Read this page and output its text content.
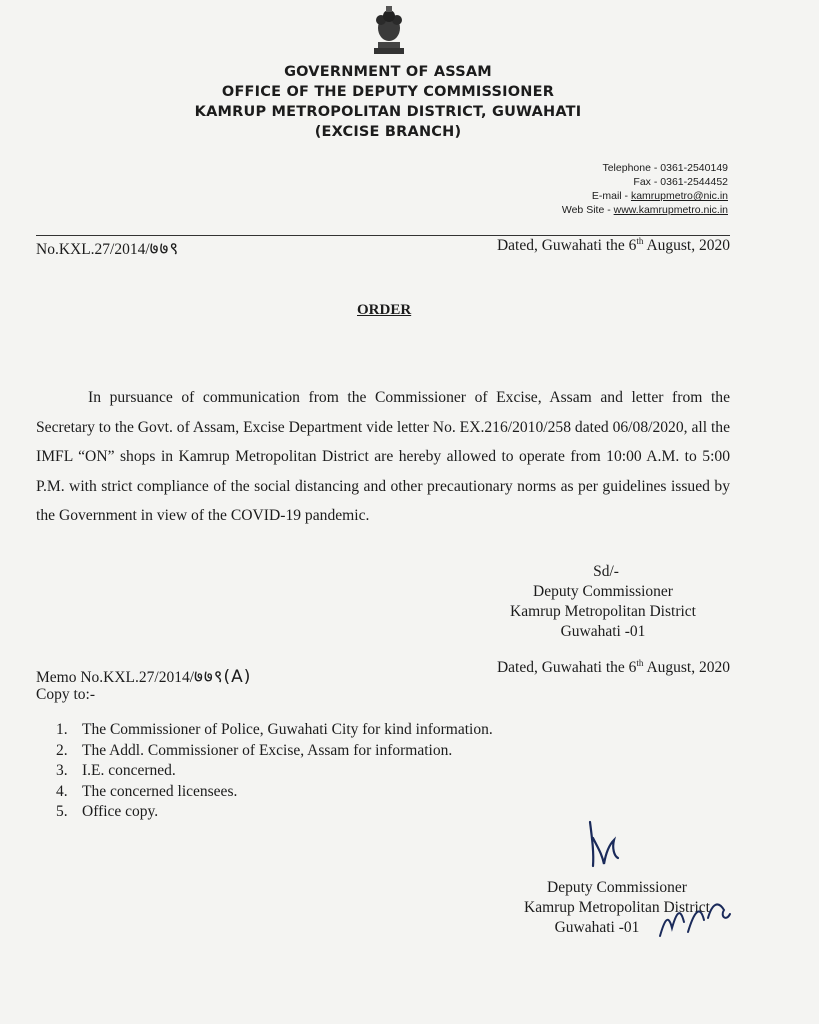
GOVERNMENT OF ASSAM
OFFICE OF THE DEPUTY COMMISSIONER
KAMRUP METROPOLITAN DISTRICT, GUWAHATI
(EXCISE BRANCH)
Telephone - 0361-2540149
Fax - 0361-2544452
E-mail - kamrupmetro@nic.in
Web Site - www.kamrupmetro.nic.in
No.KXL.27/2014/७७९	Dated, Guwahati the 6th August, 2020
ORDER
In pursuance of communication from the Commissioner of Excise, Assam and letter from the Secretary to the Govt. of Assam, Excise Department vide letter No. EX.216/2010/258 dated 06/08/2020, all the IMFL “ON” shops in Kamrup Metropolitan District are hereby allowed to operate from 10:00 A.M. to 5:00 P.M. with strict compliance of the social distancing and other precautionary norms as per guidelines issued by the Government in view of the COVID-19 pandemic.
Sd/-
Deputy Commissioner
Kamrup Metropolitan District
Guwahati -01
Memo No.KXL.27/2014/७७९(A)	Dated, Guwahati the 6th August, 2020
Copy to:-
1. The Commissioner of Police, Guwahati City for kind information.
2. The Addl. Commissioner of Excise, Assam for information.
3. I.E. concerned.
4. The concerned licensees.
5. Office copy.
Deputy Commissioner
Kamrup Metropolitan District
Guwahati -01
